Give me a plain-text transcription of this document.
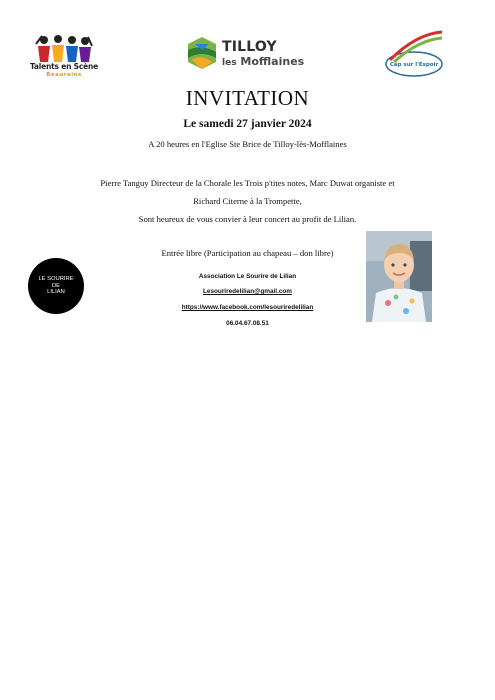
Talents en Scène
Beaurains
TILLOY
les Mofflaines	Cap sur l'Espoir
INVITATION
Le samedi 27 janvier 2024
A 20 heures en l'Eglise Ste Brice de Tilloy-lès-Mofflaines
Pierre Tanguy Directeur de la Chorale les Trois p'tites notes, Marc Duwat organiste et
Richard Citerne à la Trompette,
Sont heureux de vous convier à leur concert au profit de Lilian.
Entrée libre (Participation au chapeau – don libre)
LE SOURIRE
DE
LILIAN
Association Le Sourire de Lilian
Lesouriredelilian@gmail.com
https://www.facebook.com/lesouriredelilian
06.04.67.08.51
